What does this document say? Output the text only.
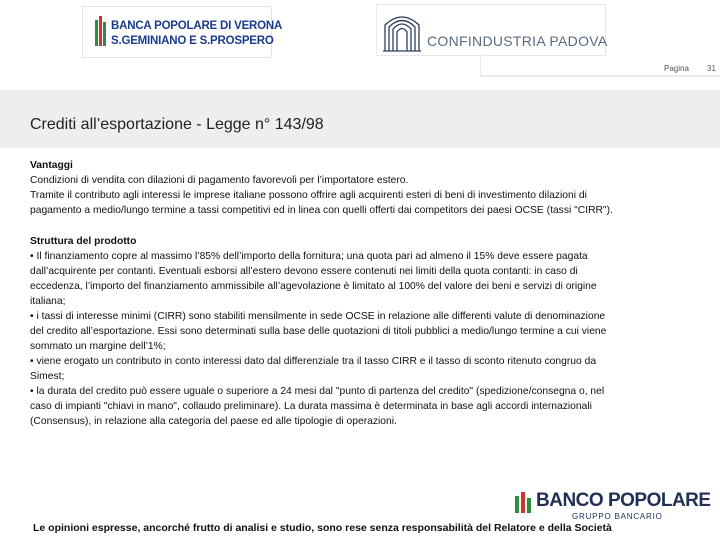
BANCA POPOLARE DI VERONA
S.GEMINIANO E S.PROSPERO	CONFINDUSTRIA PADOVA
Pagina 31
Crediti all’esportazione - Legge n° 143/98
Vantaggi
Condizioni di vendita con dilazioni di pagamento favorevoli per l’importatore estero.
Tramite il contributo agli interessi le imprese italiane possono offrire agli acquirenti esteri di beni di investimento dilazioni di
pagamento a medio/lungo termine a tassi competitivi ed in linea con quelli offerti dai competitors dei paesi OCSE (tassi "CIRR").
Struttura del prodotto
• Il finanziamento copre al massimo l’85% dell’importo della fornitura; una quota pari ad almeno il 15% deve essere pagata
dall’acquirente per contanti. Eventuali esborsi all’estero devono essere contenuti nei limiti della quota contanti: in caso di
eccedenza, l’importo del finanziamento ammissibile all’agevolazione è limitato al 100% del valore dei beni e servizi di origine
italiana;
• i tassi di interesse minimi (CIRR) sono stabiliti mensilmente in sede OCSE in relazione alle differenti valute di denominazione
del credito all’esportazione. Essi sono determinati sulla base delle quotazioni di titoli pubblici a medio/lungo termine a cui viene
sommato un margine dell’1%;
• viene erogato un contributo in conto interessi dato dal differenziale tra il tasso CIRR e il tasso di sconto ritenuto congruo da
Simest;
• la durata del credito può essere uguale o superiore a 24 mesi dal "punto di partenza del credito" (spedizione/consegna o, nel
caso di impianti "chiavi in mano", collaudo preliminare). La durata massima è determinata in base agli accordi internazionali
(Consensus), in relazione alla categoria del paese ed alle tipologie di operazioni.
BANCO POPOLARE
GRUPPO BANCARIO
Le opinioni espresse, ancorché frutto di analisi e studio, sono rese senza responsabilità del Relatore e della Società
